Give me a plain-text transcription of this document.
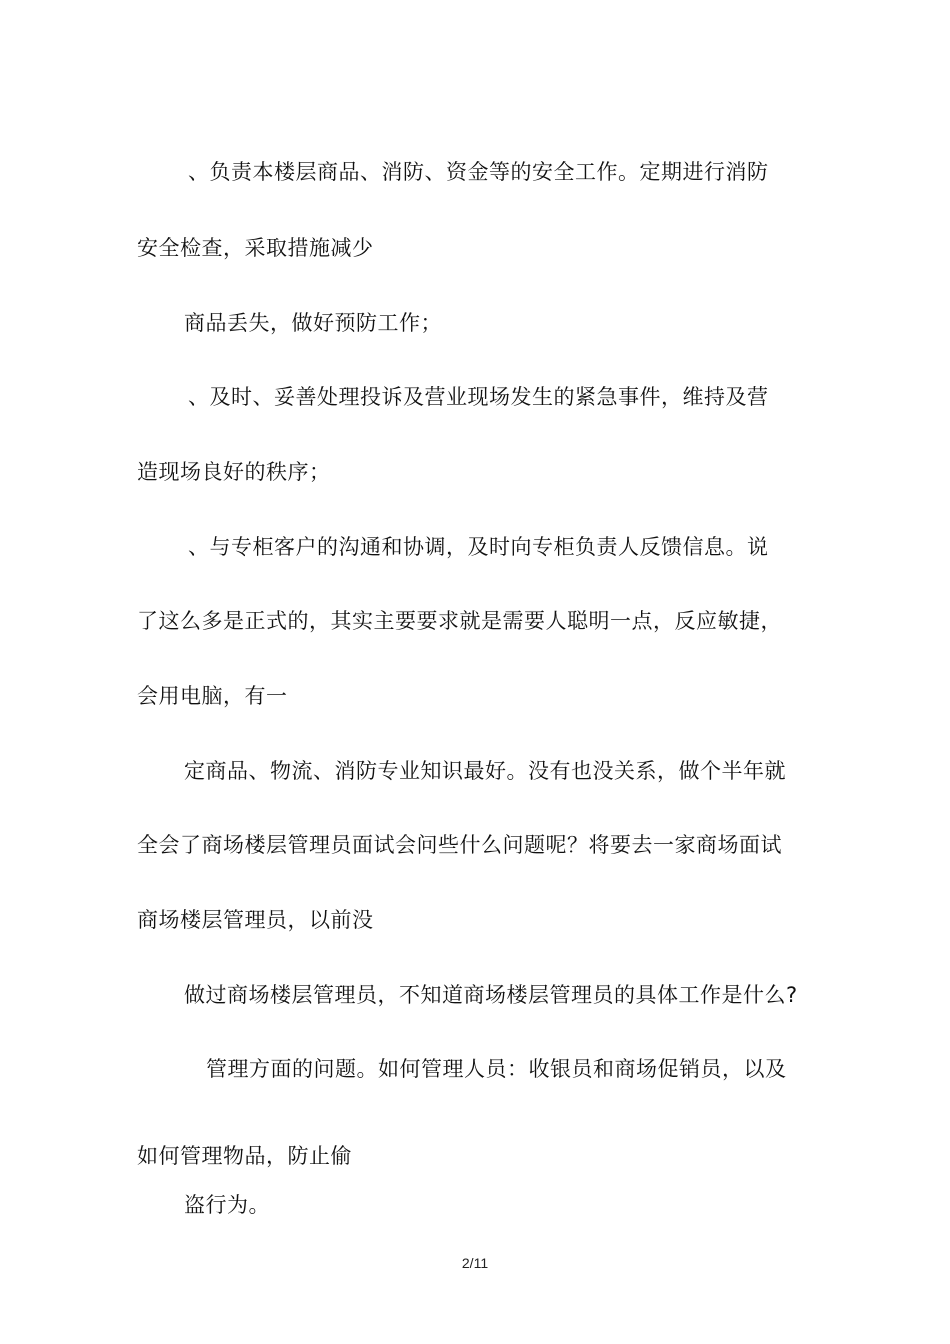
、负责本楼层商品、消防、资金等的安全工作。定期进行消防
安全检查，采取措施减少
商品丢失，做好预防工作；
、及时、妥善处理投诉及营业现场发生的紧急事件，维持及营
造现场良好的秩序；
、与专柜客户的沟通和协调，及时向专柜负责人反馈信息。说
了这么多是正式的，其实主要要求就是需要人聪明一点，反应敏捷，
会用电脑，有一
定商品、物流、消防专业知识最好。没有也没关系，做个半年就
全会了商场楼层管理员面试会问些什么问题呢？将要去一家商场面试
商场楼层管理员，以前没
做过商场楼层管理员，不知道商场楼层管理员的具体工作是什么?
管理方面的问题。如何管理人员：收银员和商场促销员，以及
如何管理物品，防止偷
盗行为。
2/11
